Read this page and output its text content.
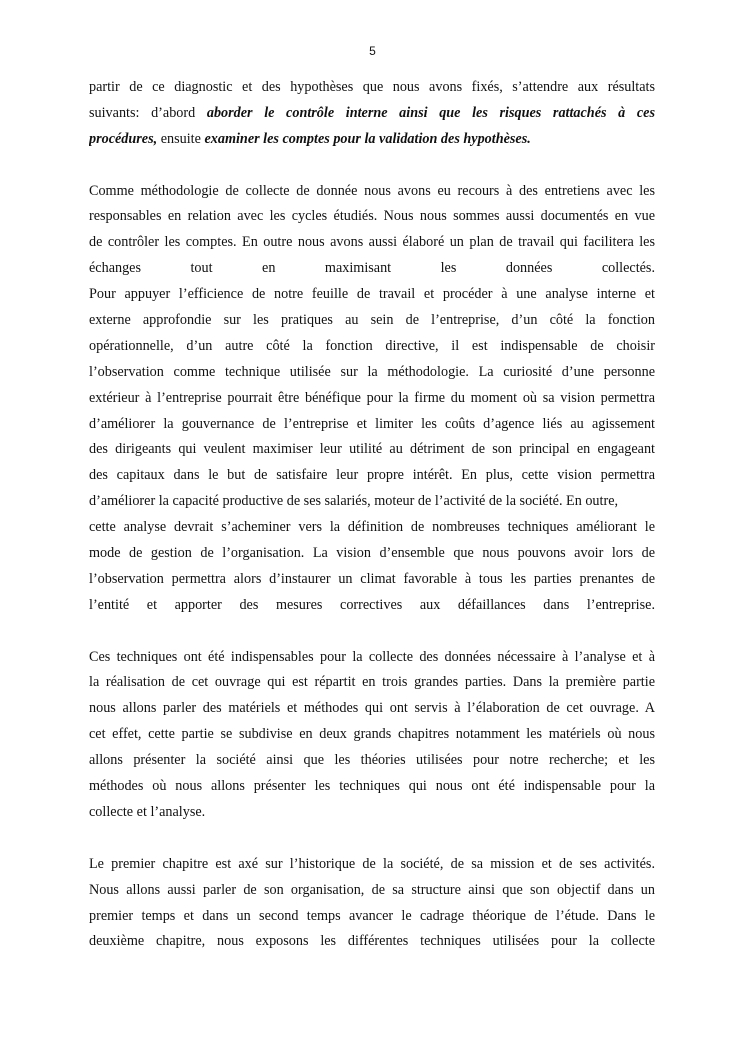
5
partir de ce diagnostic et des hypothèses que nous avons fixés, s’attendre aux résultats
suivants: d’abord aborder le contrôle interne ainsi que les risques rattachés à ces
procédures, ensuite examiner les comptes pour la validation des hypothèses.
Comme méthodologie de collecte de donnée nous avons eu recours à des entretiens avec les
responsables en relation avec les cycles étudiés. Nous nous sommes aussi documentés en vue
de contrôler les comptes. En outre nous avons aussi élaboré un plan de travail qui facilitera les
échanges tout en maximisant les données collectés.
Pour appuyer l’efficience de notre feuille de travail et procéder à une analyse interne et
externe approfondie sur les pratiques au sein de l’entreprise, d’un côté la fonction
opérationnelle, d’un autre côté la fonction directive, il est indispensable de choisir
l’observation comme technique utilisée sur la méthodologie. La curiosité d’une personne
extérieur à l’entreprise pourrait être bénéfique pour la firme du moment où sa vision permettra
d’améliorer la gouvernance de l’entreprise et limiter les coûts d’agence liés au agissement
des dirigeants qui veulent maximiser leur utilité au détriment de son principal en engageant
des capitaux dans le but de satisfaire leur propre intérêt. En plus, cette vision permettra
d’améliorer la capacité productive de ses salariés, moteur de l’activité de la société. En outre,
cette analyse devrait s’acheminer vers la définition de nombreuses techniques améliorant le
mode de gestion de l’organisation. La vision d’ensemble que nous pouvons avoir lors de
l’observation permettra alors d’instaurer un climat favorable à tous les parties prenantes de
l’entité et apporter des mesures correctives aux défaillances dans l’entreprise.
Ces techniques ont été indispensables pour la collecte des données nécessaire à l’analyse et à
la réalisation de cet ouvrage qui est répartit en trois grandes parties. Dans la première partie
nous allons parler des matériels et méthodes qui ont servis à l’élaboration de cet ouvrage. A
cet effet, cette partie se subdivise en deux grands chapitres notamment les matériels où nous
allons présenter la société ainsi que les théories utilisées pour notre recherche; et les
méthodes où nous allons présenter les techniques qui nous ont été indispensable pour la
collecte et l’analyse.
Le premier chapitre est axé sur l’historique de la société, de sa mission et de ses activités.
Nous allons aussi parler de son organisation, de sa structure ainsi que son objectif dans un
premier temps et dans un second temps avancer le cadrage théorique de l’étude. Dans le
deuxième chapitre, nous exposons les différentes techniques utilisées pour la collecte
